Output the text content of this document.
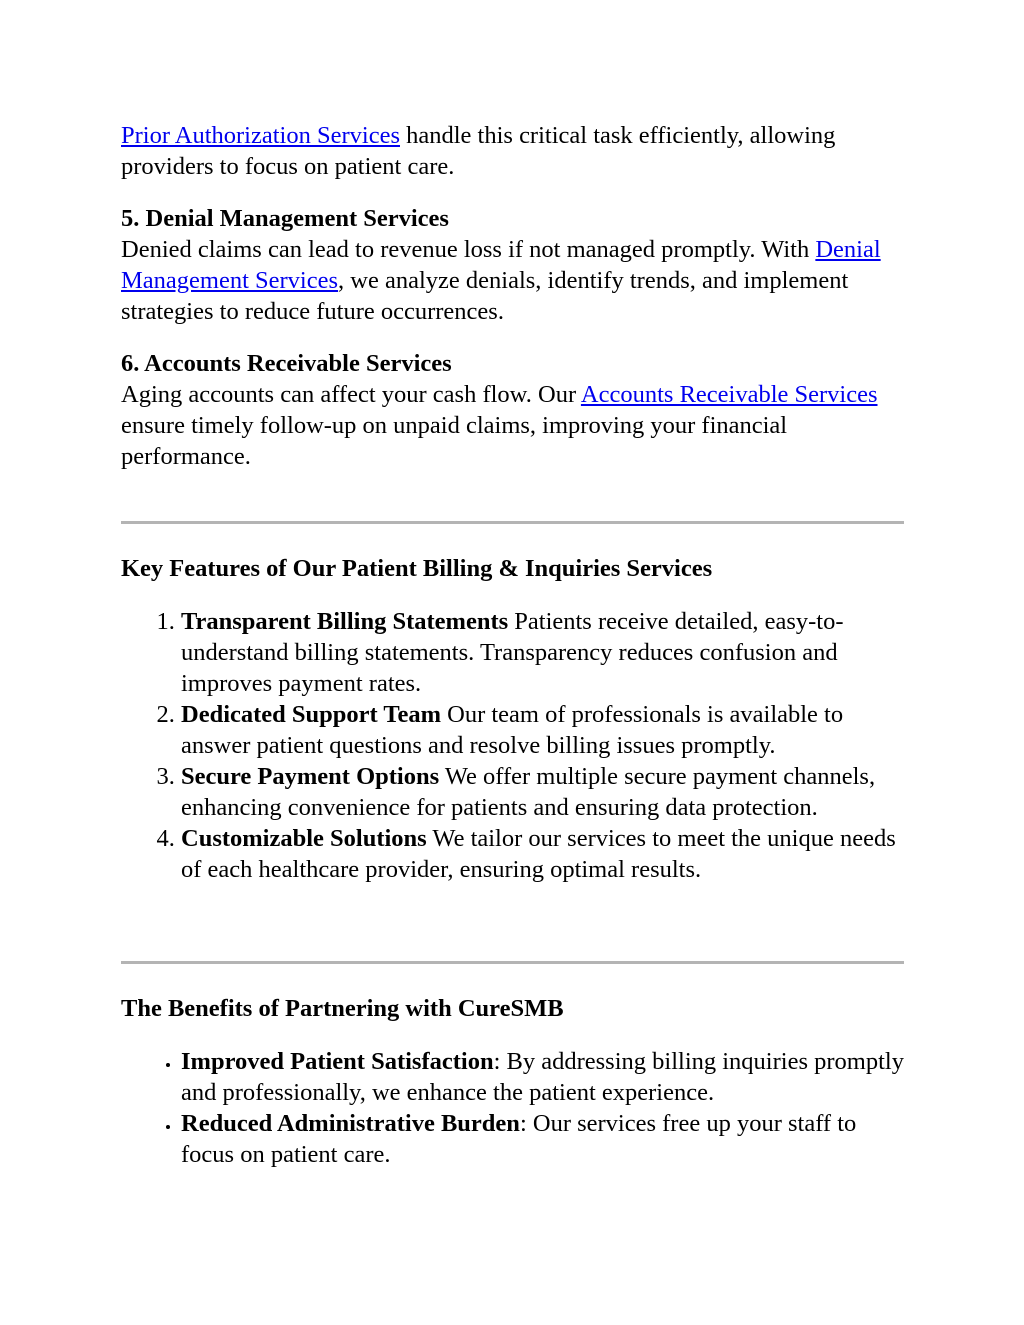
Prior Authorization Services handle this critical task efficiently, allowing providers to focus on patient care.

5. Denial Management Services

Denied claims can lead to revenue loss if not managed promptly. With Denial Management Services, we analyze denials, identify trends, and implement strategies to reduce future occurrences.

6. Accounts Receivable Services

Aging accounts can affect your cash flow. Our Accounts Receivable Services ensure timely follow-up on unpaid claims, improving your financial performance.

Key Features of Our Patient Billing & Inquiries Services

1. Transparent Billing Statements Patients receive detailed, easy-to-understand billing statements. Transparency reduces confusion and improves payment rates.
2. Dedicated Support Team Our team of professionals is available to answer patient questions and resolve billing issues promptly.
3. Secure Payment Options We offer multiple secure payment channels, enhancing convenience for patients and ensuring data protection.
4. Customizable Solutions We tailor our services to meet the unique needs of each healthcare provider, ensuring optimal results.

The Benefits of Partnering with CureSMB

• Improved Patient Satisfaction: By addressing billing inquiries promptly and professionally, we enhance the patient experience.
• Reduced Administrative Burden: Our services free up your staff to focus on patient care.
